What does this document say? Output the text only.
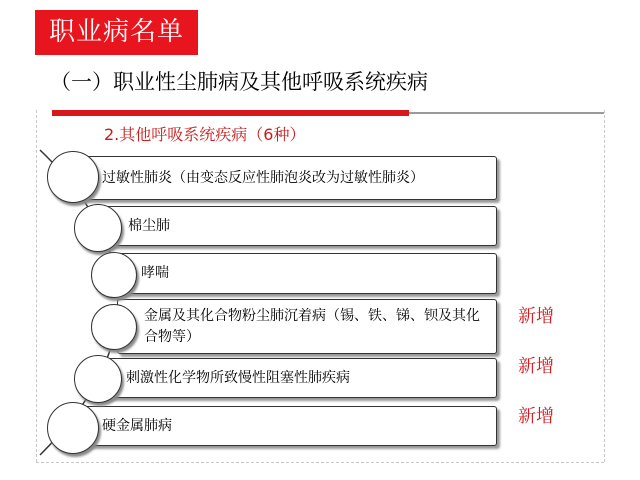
职业病名单
（一）职业性尘肺病及其他呼吸系统疾病
2.其他呼吸系统疾病（6种）
过敏性肺炎（由变态反应性肺泡炎改为过敏性肺炎）
棉尘肺
哮喘
金属及其化合物粉尘肺沉着病（锡、铁、锑、钡及其化合物等）
刺激性化学物所致慢性阻塞性肺疾病
硬金属肺病
新增
新增
新增
